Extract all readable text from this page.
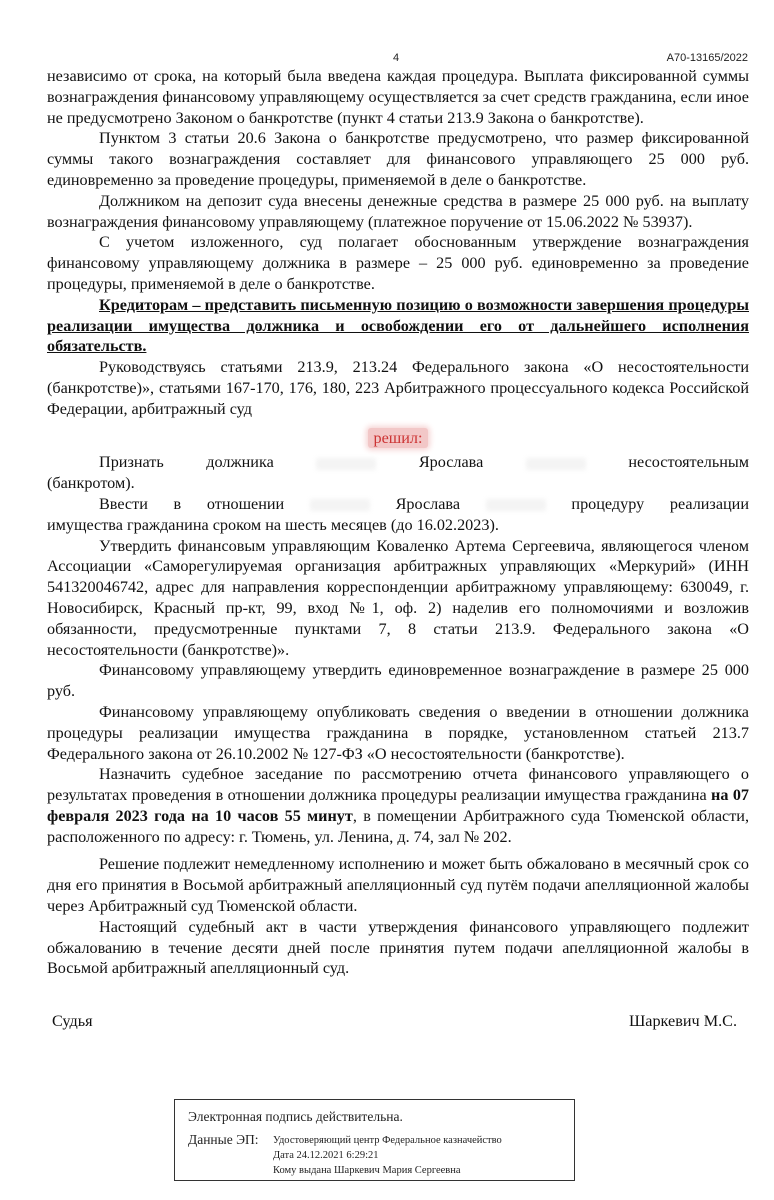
4	А70-13165/2022

независимо от срока, на который была введена каждая процедура. Выплата фиксированной суммы вознаграждения финансовому управляющему осуществляется за счет средств гражданина, если иное не предусмотрено Законом о банкротстве (пункт 4 статьи 213.9 Закона о банкротстве).

Пунктом 3 статьи 20.6 Закона о банкротстве предусмотрено, что размер фиксированной суммы такого вознаграждения составляет для финансового управляющего 25 000 руб. единовременно за проведение процедуры, применяемой в деле о банкротстве.

Должником на депозит суда внесены денежные средства в размере 25 000 руб. на выплату вознаграждения финансовому управляющему (платежное поручение от 15.06.2022 № 53937).

С учетом изложенного, суд полагает обоснованным утверждение вознаграждения финансовому управляющему должника в размере – 25 000 руб. единовременно за проведение процедуры, применяемой в деле о банкротстве.

Кредиторам – представить письменную позицию о возможности завершения процедуры реализации имущества должника и освобождении его от дальнейшего исполнения обязательств.

Руководствуясь статьями 213.9, 213.24 Федерального закона «О несостоятельности (банкротстве)», статьями 167-170, 176, 180, 223 Арбитражного процессуального кодекса Российской Федерации, арбитражный суд

решил:

Признать должника	Ярослава	несостоятельным

(банкротом).

Ввести в отношении	Ярослава	процедуру реализации

имущества гражданина сроком на шесть месяцев (до 16.02.2023).

Утвердить финансовым управляющим Коваленко Артема Сергеевича, являющегося членом Ассоциации «Саморегулируемая организация арбитражных управляющих «Меркурий» (ИНН 541320046742, адрес для направления корреспонденции арбитражному управляющему: 630049, г. Новосибирск, Красный пр-кт, 99, вход №1, оф. 2) наделив его полномочиями и возложив обязанности, предусмотренные пунктами 7, 8 статьи 213.9. Федерального закона «О несостоятельности (банкротстве)».

Финансовому управляющему утвердить единовременное вознаграждение в размере 25 000 руб.

Финансовому управляющему опубликовать сведения о введении в отношении должника процедуры реализации имущества гражданина в порядке, установленном статьей 213.7 Федерального закона от 26.10.2002 № 127-ФЗ «О несостоятельности (банкротстве).

Назначить судебное заседание по рассмотрению отчета финансового управляющего о результатах проведения в отношении должника процедуры реализации имущества гражданина на 07 февраля 2023 года на 10 часов 55 минут, в помещении Арбитражного суда Тюменской области, расположенного по адресу: г. Тюмень, ул. Ленина, д. 74, зал № 202.

Решение подлежит немедленному исполнению и может быть обжаловано в месячный срок со дня его принятия в Восьмой арбитражный апелляционный суд путём подачи апелляционной жалобы через Арбитражный суд Тюменской области.

Настоящий судебный акт в части утверждения финансового управляющего подлежит обжалованию в течение десяти дней после принятия путем подачи апелляционной жалобы в Восьмой арбитражный апелляционный суд.

Судья	Шаркевич М.С.
Электронная подпись действительна.
Данные ЭП: Удостоверяющий центр Федеральное казначейство
Дата 24.12.2021 6:29:21
Кому выдана Шаркевич Мария Сергеевна
